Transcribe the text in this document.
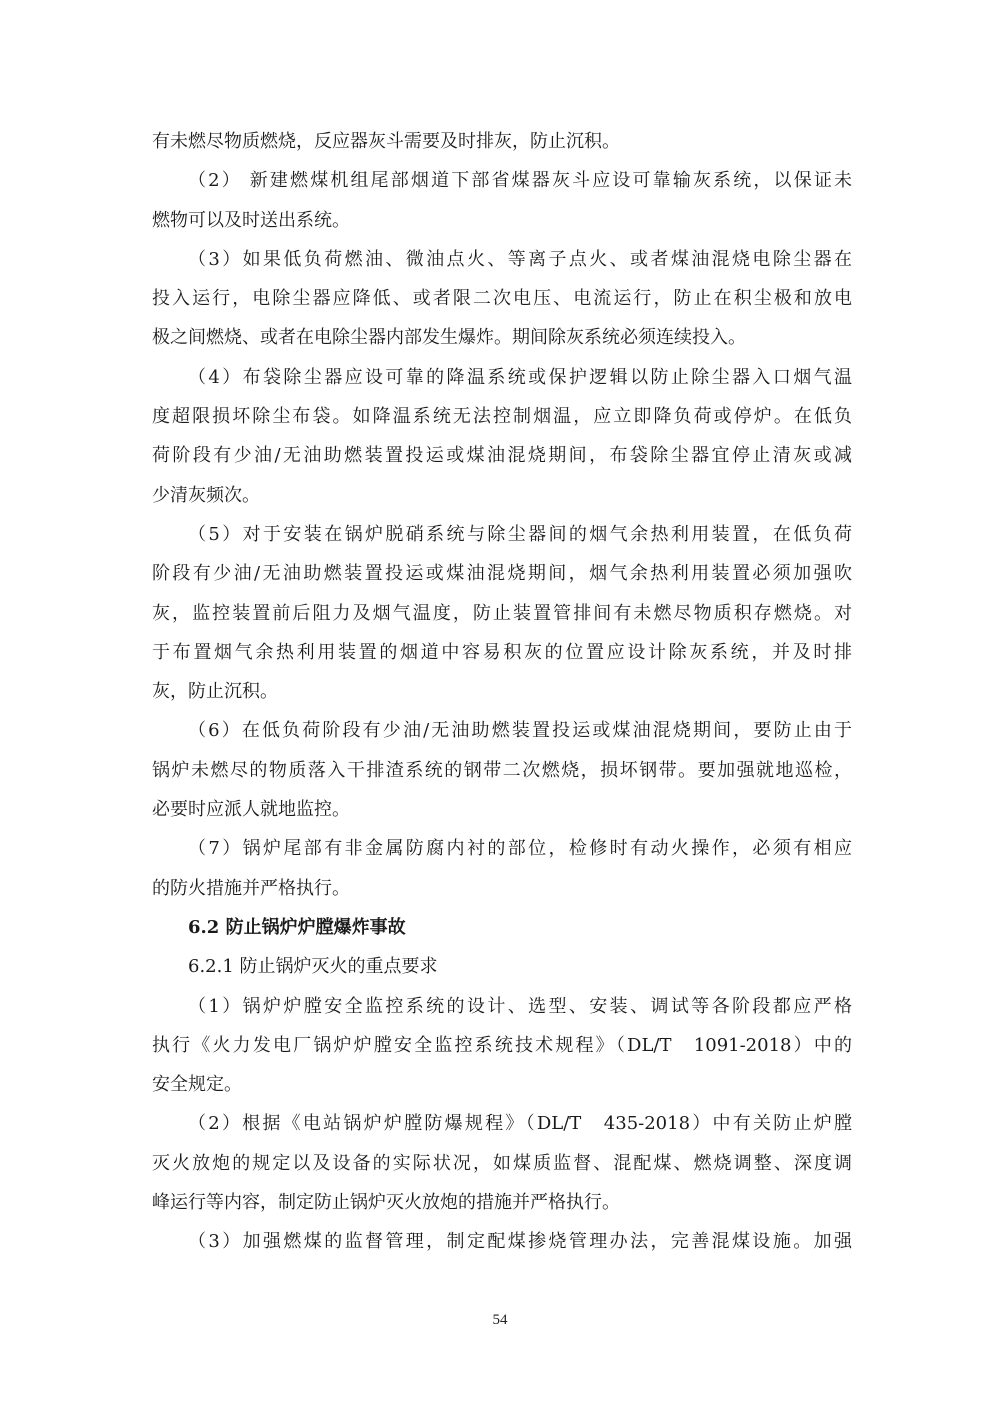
有未燃尽物质燃烧，反应器灰斗需要及时排灰，防止沉积。
（2） 新建燃煤机组尾部烟道下部省煤器灰斗应设可靠输灰系统，以保证未
燃物可以及时送出系统。
（3）如果低负荷燃油、微油点火、等离子点火、或者煤油混烧电除尘器在
投入运行，电除尘器应降低、或者限二次电压、电流运行，防止在积尘极和放电
极之间燃烧、或者在电除尘器内部发生爆炸。期间除灰系统必须连续投入。
（4）布袋除尘器应设可靠的降温系统或保护逻辑以防止除尘器入口烟气温
度超限损坏除尘布袋。如降温系统无法控制烟温，应立即降负荷或停炉。在低负
荷阶段有少油/无油助燃装置投运或煤油混烧期间，布袋除尘器宜停止清灰或减
少清灰频次。
（5）对于安装在锅炉脱硝系统与除尘器间的烟气余热利用装置，在低负荷
阶段有少油/无油助燃装置投运或煤油混烧期间，烟气余热利用装置必须加强吹
灰，监控装置前后阻力及烟气温度，防止装置管排间有未燃尽物质积存燃烧。对
于布置烟气余热利用装置的烟道中容易积灰的位置应设计除灰系统，并及时排
灰，防止沉积。
（6）在低负荷阶段有少油/无油助燃装置投运或煤油混烧期间，要防止由于
锅炉未燃尽的物质落入干排渣系统的钢带二次燃烧，损坏钢带。要加强就地巡检，
必要时应派人就地监控。
（7）锅炉尾部有非金属防腐内衬的部位，检修时有动火操作，必须有相应
的防火措施并严格执行。
6.2 防止锅炉炉膛爆炸事故
6.2.1 防止锅炉灭火的重点要求
（1）锅炉炉膛安全监控系统的设计、选型、安装、调试等各阶段都应严格
执行《火力发电厂锅炉炉膛安全监控系统技术规程》（DL/T　1091-2018）中的
安全规定。
（2）根据《电站锅炉炉膛防爆规程》（DL/T　435-2018）中有关防止炉膛
灭火放炮的规定以及设备的实际状况，如煤质监督、混配煤、燃烧调整、深度调
峰运行等内容，制定防止锅炉灭火放炮的措施并严格执行。
（3）加强燃煤的监督管理，制定配煤掺烧管理办法，完善混煤设施。加强
54
